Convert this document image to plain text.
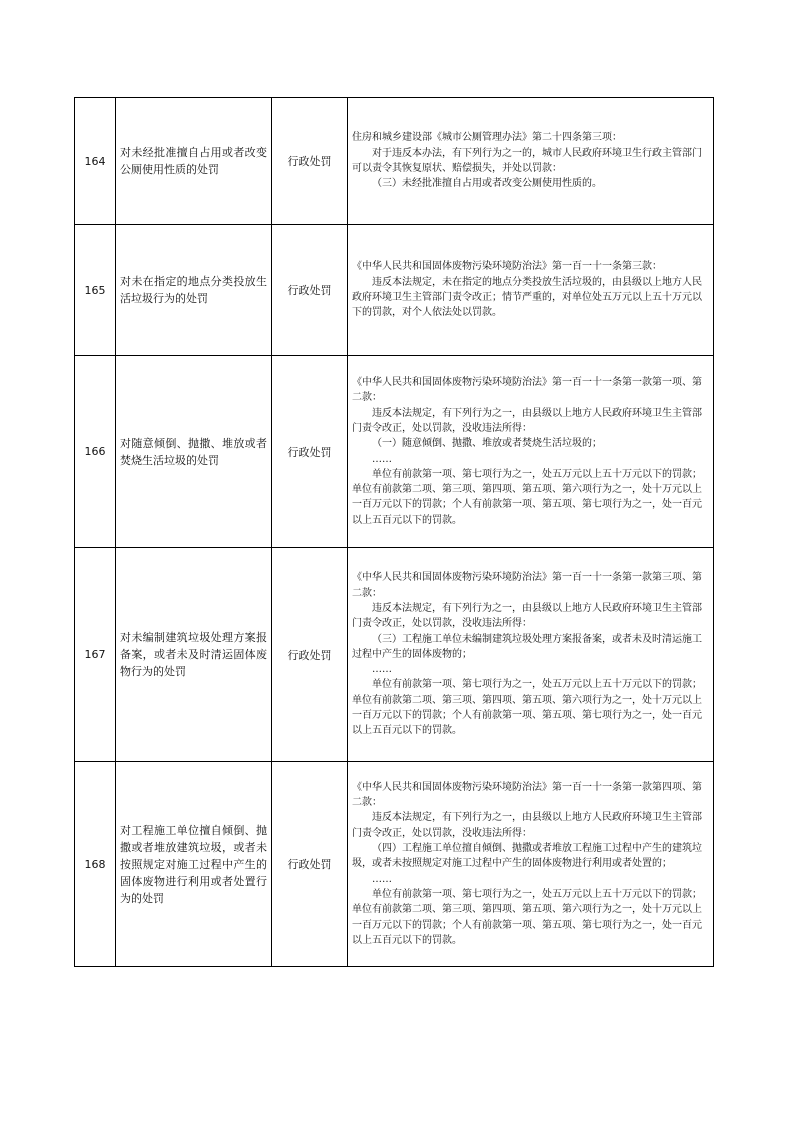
164	对未经批准擅自占用或者改变公厕使用性质的处罚	行政处罚	住房和城乡建设部《城市公厕管理办法》第二十四条第三项：

对于违反本办法，有下列行为之一的，城市人民政府环境卫生行政主管部门可以责令其恢复原状、赔偿损失，并处以罚款：

（三）未经批准擅自占用或者改变公厕使用性质的。

165	对未在指定的地点分类投放生活垃圾行为的处罚	行政处罚	《中华人民共和国固体废物污染环境防治法》第一百一十一条第三款：

违反本法规定，未在指定的地点分类投放生活垃圾的，由县级以上地方人民政府环境卫生主管部门责令改正；情节严重的，对单位处五万元以上五十万元以下的罚款，对个人依法处以罚款。

166	对随意倾倒、抛撒、堆放或者焚烧生活垃圾的处罚	行政处罚	《中华人民共和国固体废物污染环境防治法》第一百一十一条第一款第一项、第二款：

违反本法规定，有下列行为之一，由县级以上地方人民政府环境卫生主管部门责令改正，处以罚款，没收违法所得：

（一）随意倾倒、抛撒、堆放或者焚烧生活垃圾的；

……

单位有前款第一项、第七项行为之一，处五万元以上五十万元以下的罚款；单位有前款第二项、第三项、第四项、第五项、第六项行为之一，处十万元以上一百万元以下的罚款；个人有前款第一项、第五项、第七项行为之一，处一百元以上五百元以下的罚款。

167	对未编制建筑垃圾处理方案报备案，或者未及时清运固体废物行为的处罚	行政处罚	《中华人民共和国固体废物污染环境防治法》第一百一十一条第一款第三项、第二款：

违反本法规定，有下列行为之一，由县级以上地方人民政府环境卫生主管部门责令改正，处以罚款，没收违法所得：

（三）工程施工单位未编制建筑垃圾处理方案报备案，或者未及时清运施工过程中产生的固体废物的；

……

单位有前款第一项、第七项行为之一，处五万元以上五十万元以下的罚款；单位有前款第二项、第三项、第四项、第五项、第六项行为之一，处十万元以上一百万元以下的罚款；个人有前款第一项、第五项、第七项行为之一，处一百元以上五百元以下的罚款。

168	对工程施工单位擅自倾倒、抛撒或者堆放建筑垃圾，或者未按照规定对施工过程中产生的固体废物进行利用或者处置行为的处罚	行政处罚	《中华人民共和国固体废物污染环境防治法》第一百一十一条第一款第四项、第二款：

违反本法规定，有下列行为之一，由县级以上地方人民政府环境卫生主管部门责令改正，处以罚款，没收违法所得：

（四）工程施工单位擅自倾倒、抛撒或者堆放工程施工过程中产生的建筑垃圾，或者未按照规定对施工过程中产生的固体废物进行利用或者处置的；

……

单位有前款第一项、第七项行为之一，处五万元以上五十万元以下的罚款；单位有前款第二项、第三项、第四项、第五项、第六项行为之一，处十万元以上一百万元以下的罚款；个人有前款第一项、第五项、第七项行为之一，处一百元以上五百元以下的罚款。
